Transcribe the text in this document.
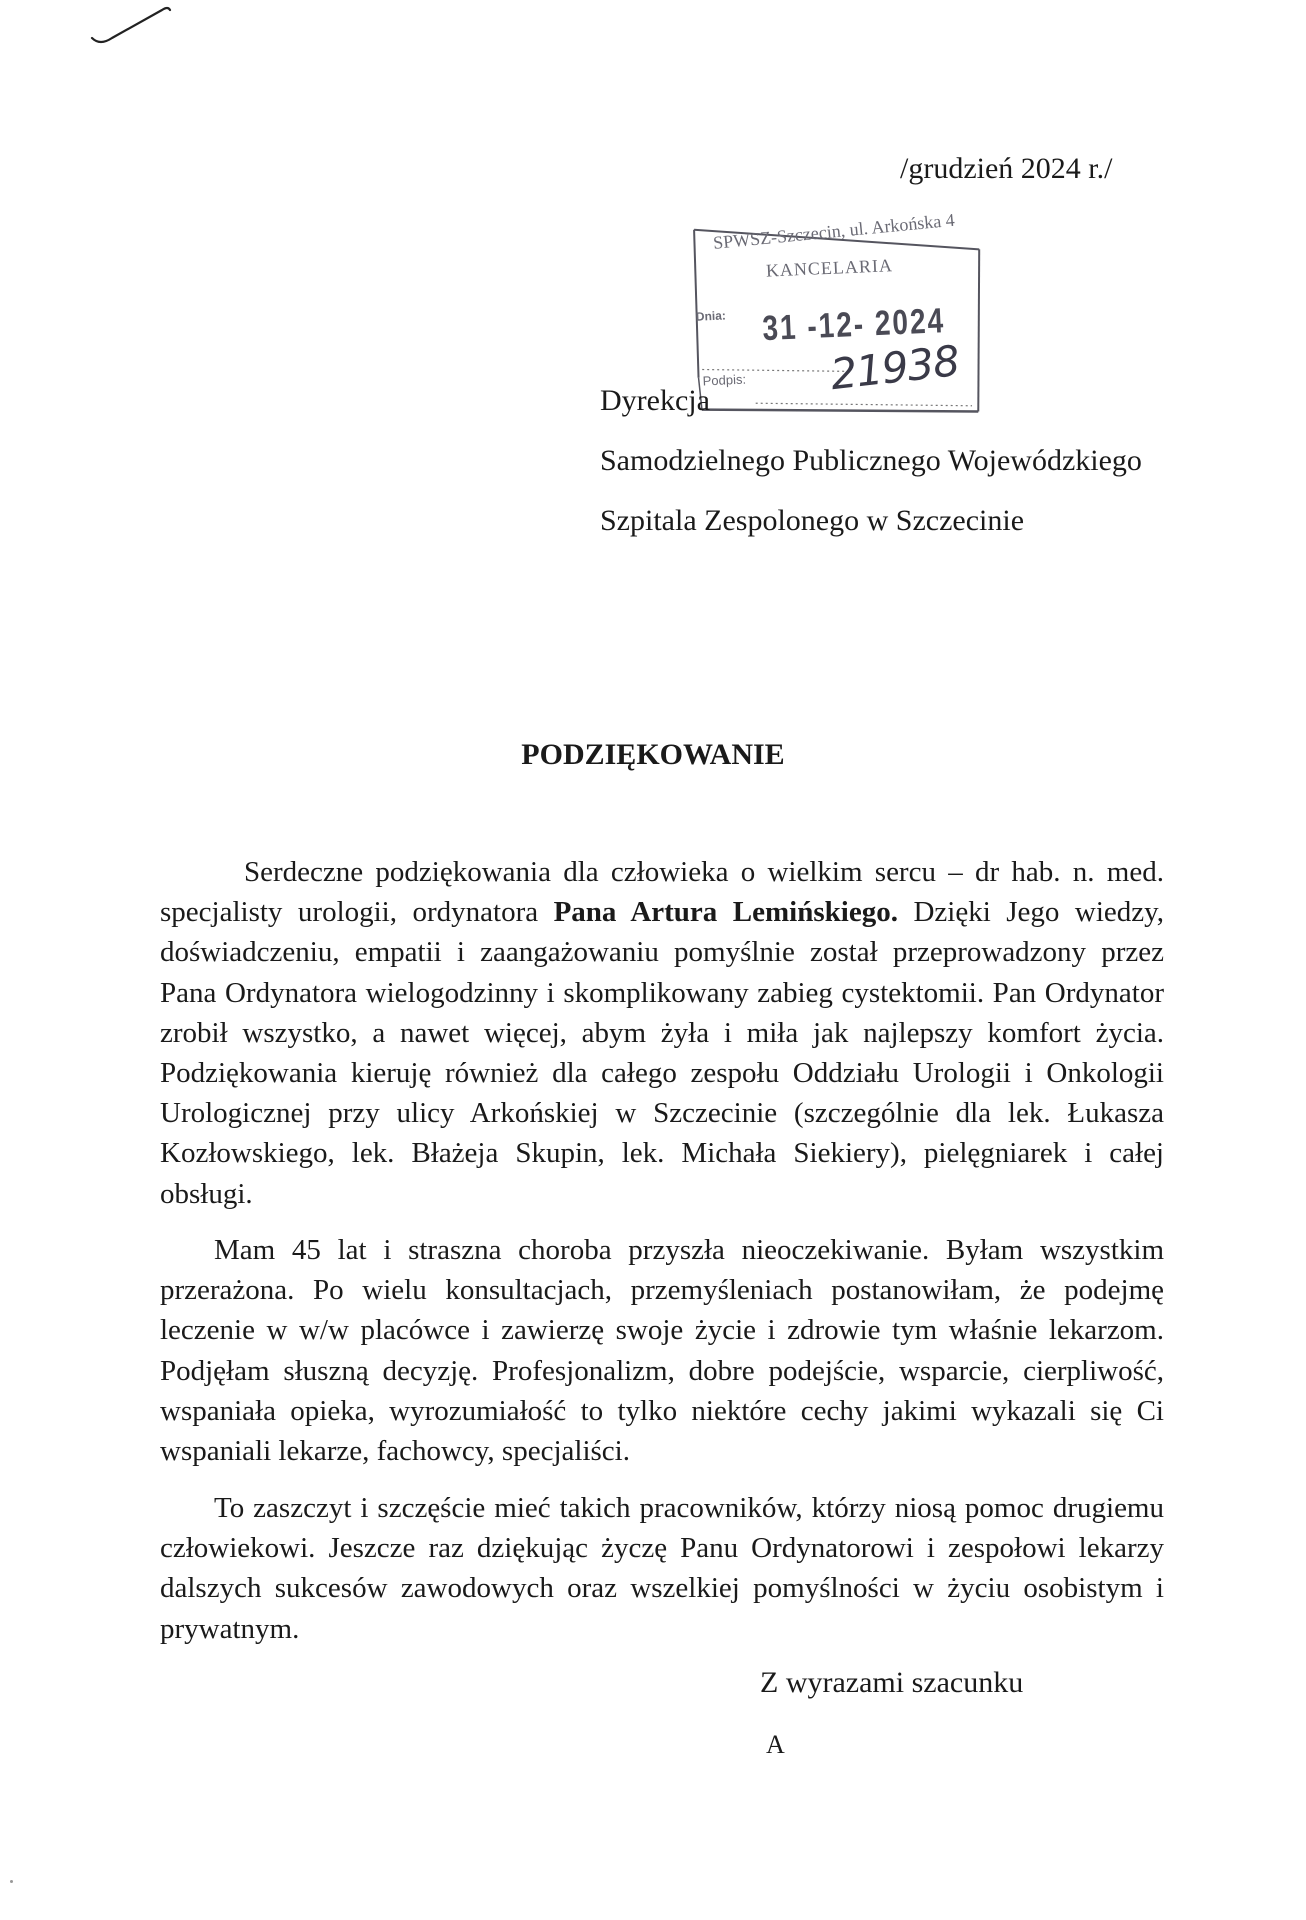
/grudzień 2024 r./
SPWSZ-Szczecin, ul. Arkońska 4
KANCELARIA
Dnia: 31 -12- 2024
Podpis: 21938
Dyrekcja
Samodzielnego Publicznego Wojewódzkiego
Szpitala Zespolonego w Szczecinie
PODZIĘKOWANIE
Serdeczne podziękowania dla człowieka o wielkim sercu – dr hab. n. med. specjalisty urologii, ordynatora Pana Artura Lemińskiego. Dzięki Jego wiedzy, doświadczeniu, empatii i zaangażowaniu pomyślnie został przeprowadzony przez Pana Ordynatora wielogodzinny i skomplikowany zabieg cystektomii. Pan Ordynator zrobił wszystko, a nawet więcej, abym żyła i miła jak najlepszy komfort życia. Podziękowania kieruję również dla całego zespołu Oddziału Urologii i Onkologii Urologicznej przy ulicy Arkońskiej w Szczecinie (szczególnie dla lek. Łukasza Kozłowskiego, lek. Błażeja Skupin, lek. Michała Siekiery), pielęgniarek i całej obsługi.
Mam 45 lat i straszna choroba przyszła nieoczekiwanie. Byłam wszystkim przerażona. Po wielu konsultacjach, przemyśleniach postanowiłam, że podejmę leczenie w w/w placówce i zawierzę swoje życie i zdrowie tym właśnie lekarzom. Podjęłam słuszną decyzję. Profesjonalizm, dobre podejście, wsparcie, cierpliwość, wspaniała opieka, wyrozumiałość to tylko niektóre cechy jakimi wykazali się Ci wspaniali lekarze, fachowcy, specjaliści.
To zaszczyt i szczęście mieć takich pracowników, którzy niosą pomoc drugiemu człowiekowi. Jeszcze raz dziękując życzę Panu Ordynatorowi i zespołowi lekarzy dalszych sukcesów zawodowych oraz wszelkiej pomyślności w życiu osobistym i prywatnym.
Z wyrazami szacunku
A
